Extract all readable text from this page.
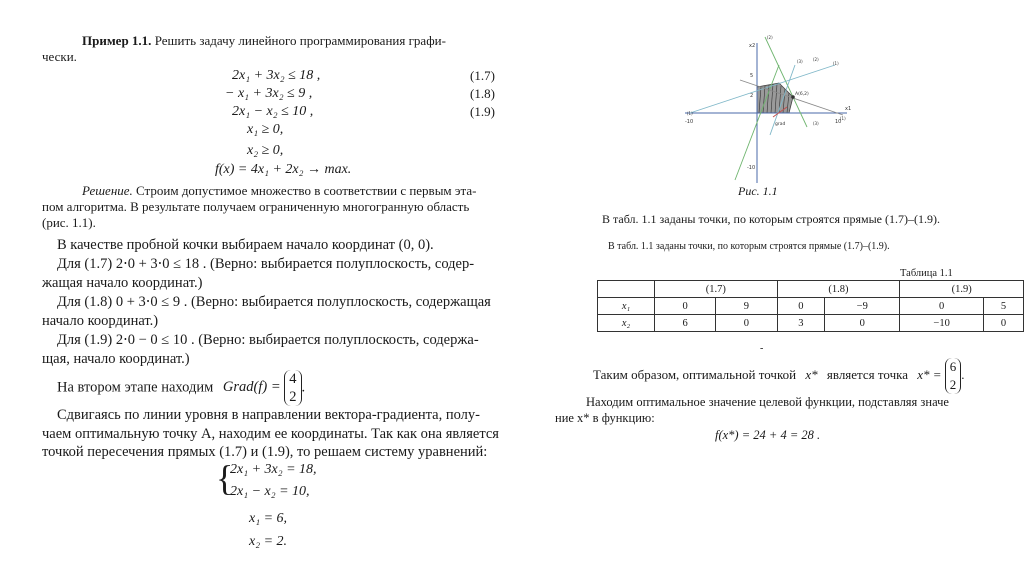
Пример 1.1. Решить задачу линейного программирования графи-
чески.
2x₁ + 3x₂ ≤ 18 ,	(1.7)
− x₁ + 3x₂ ≤ 9 ,	(1.8)
2x₁ − x₂ ≤ 10 ,	(1.9)
x₁ ≥ 0,
x₂ ≥ 0,
f(x) = 4x₁ + 2x₂ → max.
Решение. Строим допустимое множество в соответствии с первым эта-
пом алгоритма. В результате получаем ограниченную многогранную область
(рис. 1.1).
В качестве пробной кочки выбираем начало координат (0, 0).
Для (1.7) 2⋅0 + 3⋅0 ≤ 18 . (Верно: выбирается полуплоскость, содер-
жащая начало координат.)
Для (1.8) 0 + 3⋅0 ≤ 9 . (Верно: выбирается полуплоскость, содержащая
начало координат.)
Для (1.9) 2⋅0 − 0 ≤ 10 . (Верно: выбирается полуплоскость, содержа-
щая, начало координат.)
На втором этапе находим Grad(f) = 4
2.
Сдвигаясь по линии уровня в направлении вектора-градиента, полу-
чаем оптимальную точку A, находим ее координаты. Так как она является
точкой пересечения прямых (1.7) и (1.9), то решаем систему уравнений:
{
2x₁ + 3x₂ = 18,
2x₁ − x₂ = 10,
x₁ = 6,
x₂ = 2.
x2
x1
5
2
-10	10
-10
A(6,2)
grad
(1)
(2)
(3)
(1)
(2)
(3)	(1)
Рис. 1.1
В табл. 1.1 заданы точки, по которым строятся прямые (1.7)–(1.9).
В табл. 1.1 заданы точки, по которым строятся прямые (1.7)–(1.9).
Таблица 1.1
	(1.7)		(1.8)		(1.9)	
x₁	0	9	0	−9	0	5
x₂	6	0	3	0	−10	0
-
Таким образом, оптимальной точкой x* является точка x* = 6
2.
Находим оптимальное значение целевой функции, подставляя значе
ние x* в функцию:
f(x*) = 24 + 4 = 28 .
